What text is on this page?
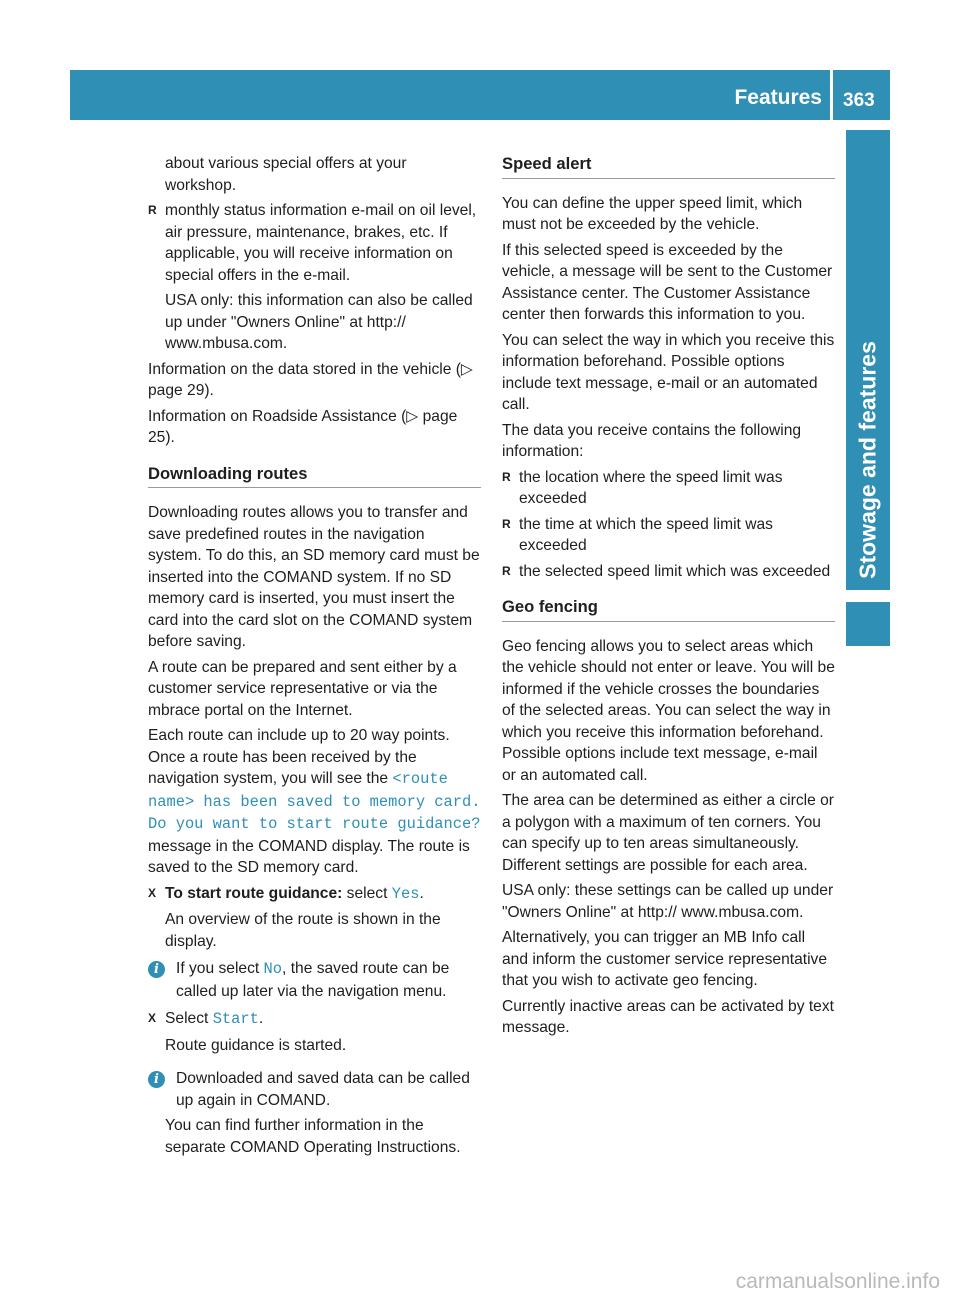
Features 363
Stowage and features

about various special offers at your workshop.

R monthly status information e-mail on oil level, air pressure, maintenance, brakes, etc. If applicable, you will receive information on special offers in the e-mail.

USA only: this information can also be called up under "Owners Online" at http:// www.mbusa.com.

Information on the data stored in the vehicle (▷ page 29).

Information on Roadside Assistance (▷ page 25).

Downloading routes

Downloading routes allows you to transfer and save predefined routes in the navigation system. To do this, an SD memory card must be inserted into the COMAND system. If no SD memory card is inserted, you must insert the card into the card slot on the COMAND system before saving.

A route can be prepared and sent either by a customer service representative or via the mbrace portal on the Internet.

Each route can include up to 20 way points. Once a route has been received by the navigation system, you will see the <route name> has been saved to memory card. Do you want to start route guidance? message in the COMAND display. The route is saved to the SD memory card.

X To start route guidance: select Yes.

An overview of the route is shown in the display.

i	If you select No, the saved route can be called up later via the navigation menu.

X Select Start.

Route guidance is started.

i	Downloaded and saved data can be called up again in COMAND.

You can find further information in the separate COMAND Operating Instructions.

Speed alert

You can define the upper speed limit, which must not be exceeded by the vehicle.

If this selected speed is exceeded by the vehicle, a message will be sent to the Customer Assistance center. The Customer Assistance center then forwards this information to you.

You can select the way in which you receive this information beforehand. Possible options include text message, e-mail or an automated call.

The data you receive contains the following information:

R the location where the speed limit was exceeded

R the time at which the speed limit was exceeded

R the selected speed limit which was exceeded

Geo fencing

Geo fencing allows you to select areas which the vehicle should not enter or leave. You will be informed if the vehicle crosses the boundaries of the selected areas. You can select the way in which you receive this information beforehand. Possible options include text message, e-mail or an automated call.

The area can be determined as either a circle or a polygon with a maximum of ten corners. You can specify up to ten areas simultaneously. Different settings are possible for each area.

USA only: these settings can be called up under "Owners Online" at http:// www.mbusa.com.

Alternatively, you can trigger an MB Info call and inform the customer service representative that you wish to activate geo fencing.

Currently inactive areas can be activated by text message.

carmanualsonline.info
